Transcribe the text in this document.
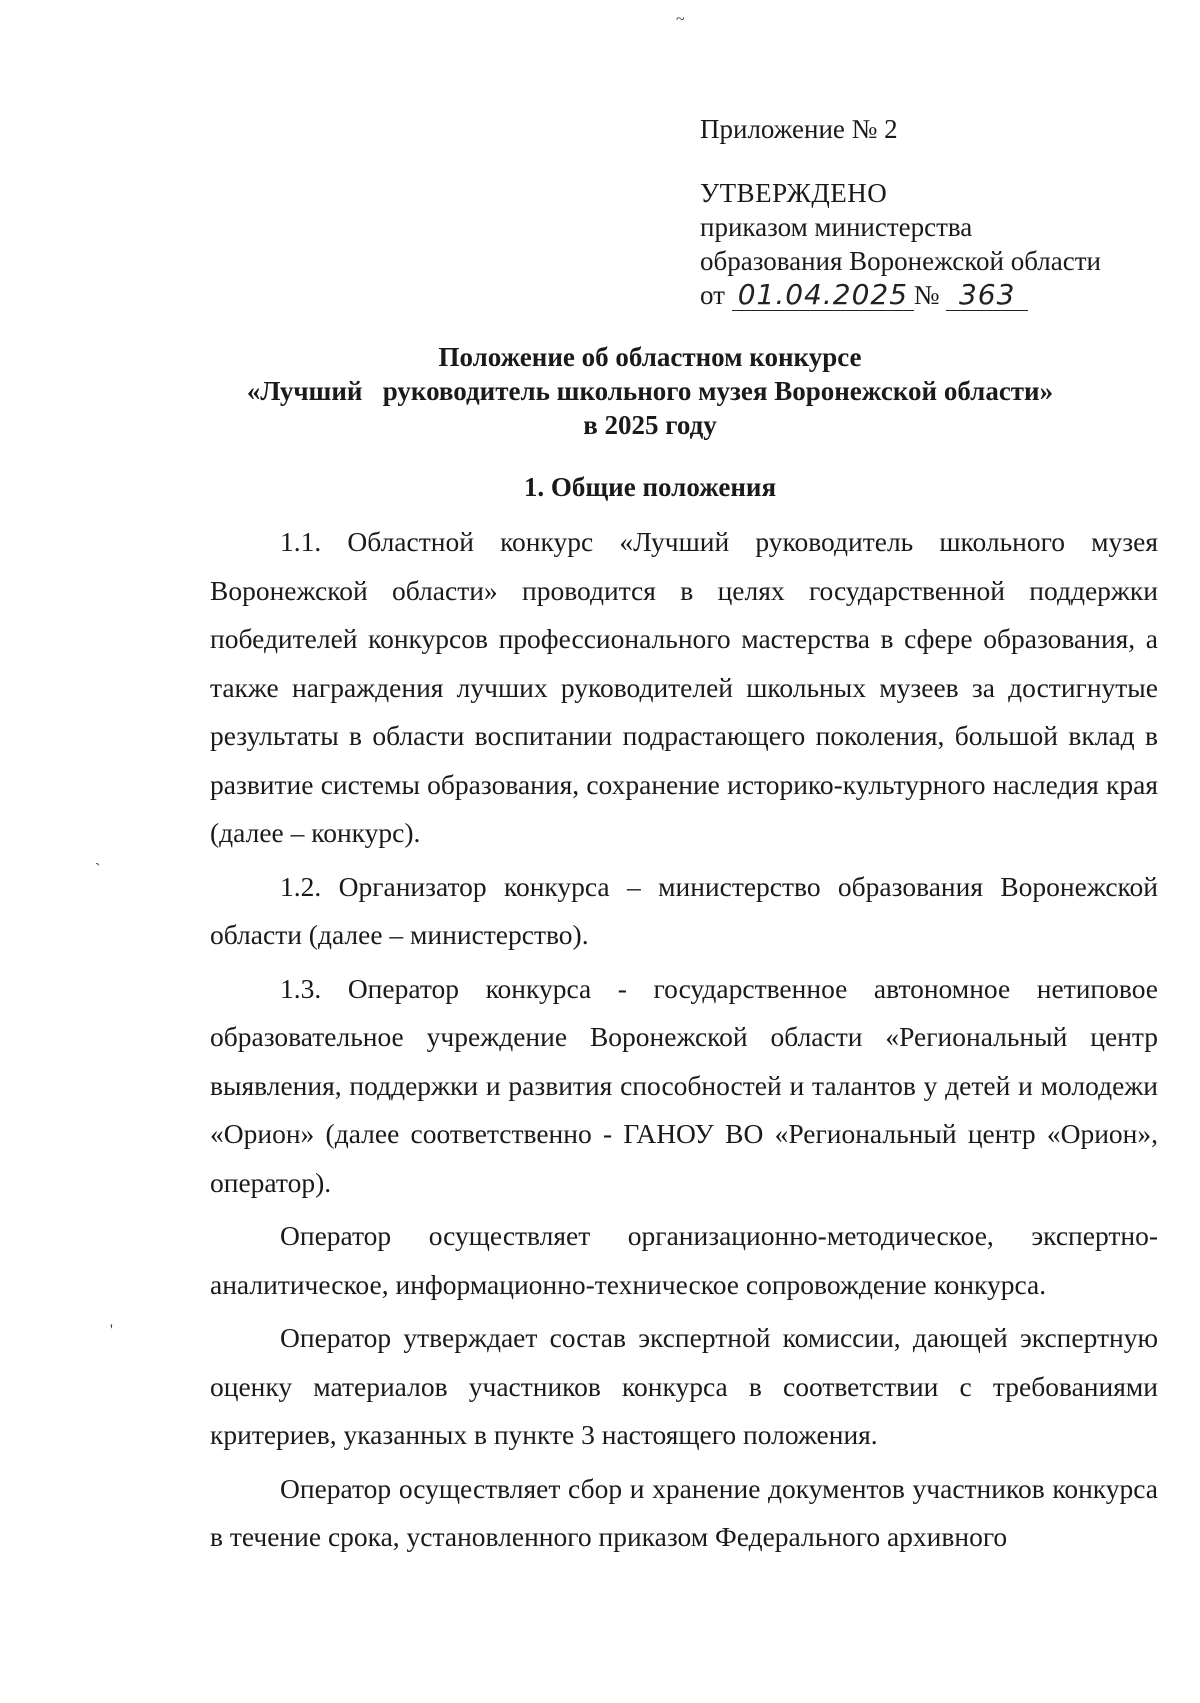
~
`
'
Приложение № 2
УТВЕРЖДЕНО
приказом министерства
образования Воронежской области
от 01.04.2025 № 363
Положение об областном конкурсе
«Лучший   руководитель школьного музея Воронежской области»
в 2025 году
1. Общие положения

1.1. Областной конкурс «Лучший руководитель школьного музея Воронежской области» проводится в целях государственной поддержки победителей конкурсов профессионального мастерства в сфере образования, а также награждения лучших руководителей школьных музеев за достигнутые результаты в области воспитании подрастающего поколения, большой вклад в развитие системы образования, сохранение историко-культурного наследия края (далее – конкурс).

1.2. Организатор конкурса – министерство образования Воронежской области (далее – министерство).

1.3. Оператор конкурса - государственное автономное нетиповое образовательное учреждение Воронежской области «Региональный центр выявления, поддержки и развития способностей и талантов у детей и молодежи «Орион» (далее соответственно - ГАНОУ ВО «Региональный центр «Орион», оператор).

Оператор осуществляет организационно-методическое, экспертно-аналитическое, информационно-техническое сопровождение конкурса.

Оператор утверждает состав экспертной комиссии, дающей экспертную оценку материалов участников конкурса в соответствии с требованиями критериев, указанных в пункте 3 настоящего положения.

Оператор осуществляет сбор и хранение документов участников конкурса в течение срока, установленного приказом Федерального архивного
